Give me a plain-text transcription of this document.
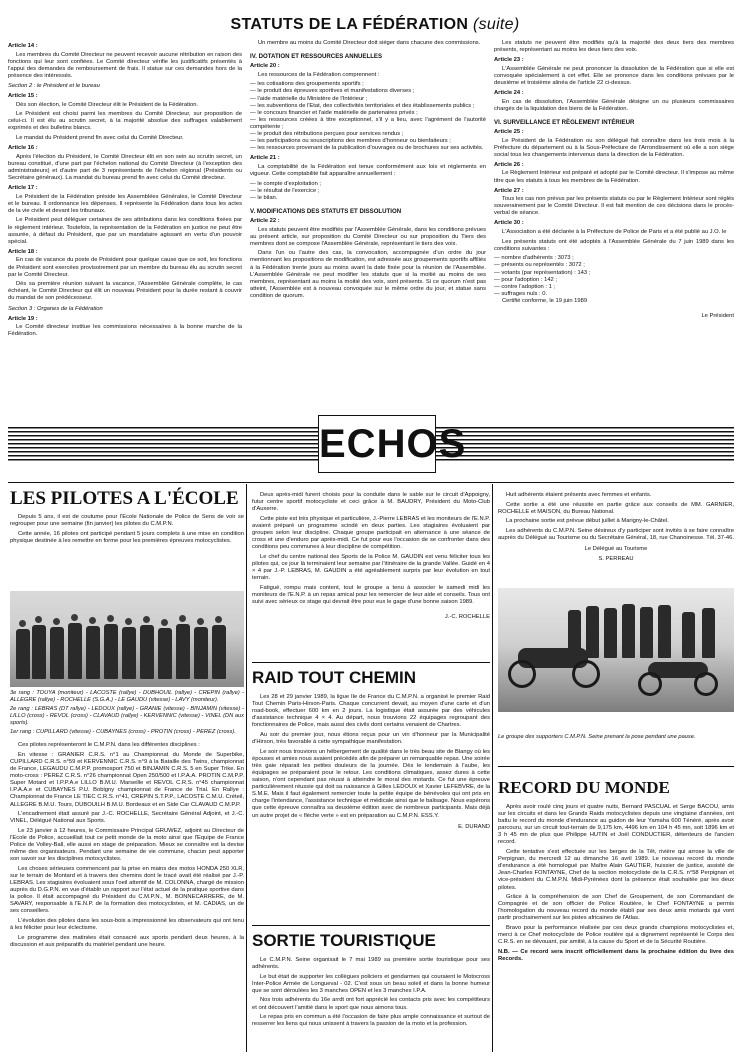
STATUTS DE LA FÉDÉRATION (suite)

Article 14 :

Les membres du Comité Directeur ne peuvent recevoir aucune rétribution en raison des fonctions qui leur sont confiées. Le Comité directeur vérifie les justificatifs présentés à l'appui des demandes de remboursement de frais. Il statue sur ces demandes hors de la présence des intéressés.

Section 2 : le Président et le bureau

Article 15 :

Dès son élection, le Comité Directeur élit le Président de la Fédération.

Le Président est choisi parmi les membres du Comité Directeur, sur proposition de celui-ci. Il est élu au scrutin secret, à la majorité absolue des suffrages valablement exprimés et des bulletins blancs.

Le mandat du Président prend fin avec celui du Comité Directeur.

Article 16 :

Après l'élection du Président, le Comité Directeur élit en son sein au scrutin secret, un bureau constitué, d'une part par l'échelon national du Comité Directeur (à l'exception des administrateurs) et d'autre part de 3 représentants de l'échelon régional (Présidents ou Secrétaire généraux). La mandat du bureau prend fin avec celui du Comité directeur.

Article 17 :

Le Président de la Fédération préside les Assemblées Générales, le Comité Directeur et le bureau. Il ordonnance les dépenses. Il représente la Fédération dans tous les actes de la vie civile et devant les tribunaux.

Le Président peut déléguer certaines de ses attributions dans les conditions fixées par le règlement intérieur. Toutefois, la représentation de la Fédération en justice ne peut être assurée, à défaut du Président, que par un mandataire agissant en vertu d'un pouvoir spécial.

Article 18 :

En cas de vacance du poste de Président pour quelque cause que ce soit, les fonctions de Président sont exercées provisoirement par un membre du bureau élu au scrutin secret par le Comité Directeur.

Dès sa première réunion suivant la vacance, l'Assemblée Générale complète, le cas échéant, le Comité Directeur qui élit un nouveau Président pour la durée restant à couvrir du mandat de son prédécesseur.

Section 3 : Organes de la Fédération

Article 19 :

Le Comité directeur institue les commissions nécessaires à la bonne marche de la Fédération.

Un membre au moins du Comité Directeur doit siéger dans chacune des commissions.

IV. DOTATION ET RESSOURCES ANNUELLES

Article 20 :

Les ressources de la Fédération comprennent :

— les cotisations des groupements sportifs ;

— le produit des épreuves sportives et manifestations diverses ;

— l'aide matérielle du Ministère de l'Intérieur ;

— les subventions de l'Etat, des collectivités territoriales et des établissements publics ;

— le concours financier et l'aide matérielle de partenaires privés ;

— les ressources créées à titre exceptionnel, s'il y a lieu, avec l'agrément de l'autorité compétente ;

— le produit des rétributions perçues pour services rendus ;

— les participations ou souscriptions des membres d'honneur ou bienfaiteurs ;

— les ressources provenant de la publication d'ouvrages ou de brochures sur ses activités.

Article 21 :

La comptabilité de la Fédération est tenue conformément aux lois et règlements en vigueur. Cette comptabilité fait apparaître annuellement :

— le compte d'exploitation ;

— le résultat de l'exercice ;

— le bilan.

V. MODIFICATIONS DES STATUTS ET DISSOLUTION

Article 22 :

Les statuts peuvent être modifiés par l'Assemblée Générale, dans les conditions prévues au présent article, sur proposition du Comité Directeur ou sur proposition du Tiers des membres dont se compose l'Assemblée Générale, représentant le tiers des voix.

Dans l'un ou l'autre des cas, la convocation, accompagnée d'un ordre du jour mentionnant les propositions de modification, est adressée aux groupements sportifs affiliés à la Fédération trente jours au moins avant la date fixée pour la réunion de l'Assemblée. L'Assemblée Générale ne peut modifier les statuts que si la moitié au moins de ses membres, représentant au moins la moitié des voix, sont présents. Si ce quorum n'est pas atteint, l'Assemblée est à nouveau convoquée sur le même ordre du jour, et statue sans condition de quorum.

Les statuts ne peuvent être modifiés qu'à la majorité des deux tiers des membres présents, représentant au moins les deux tiers des voix.

Article 23 :

L'Assemblée Générale ne peut prononcer la dissolution de la Fédération que si elle est convoquée spécialement à cet effet. Elle se prononce dans les conditions prévues par le deuxième et troisième alinéa de l'article 22 ci-dessus.

Article 24 :

En cas de dissolution, l'Assemblée Générale désigne un ou plusieurs commissaires chargés de la liquidation des biens de la Fédération.

VI. SURVEILLANCE ET RÈGLEMENT INTÉRIEUR

Article 25 :

Le Président de la Fédération ou son délégué fait connaître dans les trois mois à la Préfecture du département ou à la Sous-Préfecture de l'Arrondissement où elle a son siège social tous les changements intervenus dans la direction de la Fédération.

Article 26 :

Le Règlement Intérieur est préparé et adopté par le Comité directeur. Il s'impose au même titre que les statuts à tous les membres de la Fédération.

Article 27 :

Tous les cas non prévus par les présents statuts ou par le Règlement Intérieur sont réglés souverainement par le Comité Directeur. Il est fait mention de ces décisions dans le procès-verbal de séance.

Article 30 :

L'Association a été déclarée à la Préfecture de Police de Paris et a été publié au J.O. le

Les présents statuts ont été adoptés à l'Assemblée Générale du 7 juin 1989 dans les conditions suivantes :

— nombre d'adhérents : 3073 ;

— présents ou représentés : 3072 ;

— votants (par représentation) : 143 ;

— pour l'adoption : 142 ;

— contre l'adoption : 1 ;

— suffrages nuls : 0.

Certifié conforme, le 19 juin 1989

Le Président

ECHOS
LES PILOTES A L'ÉCOLE

Depuis 5 ans, il est de coutume pour l'Ecole Nationale de Police de Sens de voir se regrouper pour une semaine (fin janvier) les pilotes du C.M.P.N.

Cette année, 16 pilotes ont participé pendant 5 jours complets à une mise en condition physique destinée à les remettre en forme pour les premières épreuves motocyclistes.

3e rang : TOUYA (moniteur) - LACOSTE (rallye) - DUBHOUIL (rallye) - CREPIN (rallye) - ALLEGRE (rallye) - ROCHELLE (S.G.A.) - LE GAUDU (vitesse) - LAVY (moniteur).

2e rang : LEBRAS (DT rallye) - LEDOUX (rallye) - GRANIE (vitesse) - BINJAMIN (vitesse) - LILLO (cross) - REVOL (cross) - CLAVAUD (rallye) - KERVENNIC (vitesse) - VINEL (DN aux sports).

1er rang : CUPILLARD (vitesse) - CUBAYNES (cross) - PROTIN (cross) - PEREZ (cross).

Ces pilotes représenteront le C.M.P.N. dans les différentes disciplines :

En vitesse : GRANIER C.R.S. n°1 au Championnat du Monde de Superbike, CUPILLARD C.R.S. n°59 et KERVENNIC C.R.S. n°9 à la Bataille des Twins, championnat de France, LEGAUDU C.M.P.P. promosport 750 et BINJAMIN C.R.S. 5 en Super Trike. En moto-cross : PEREZ C.R.S. n°26 championnat Open 250/500 et I.P.A.A. PROTIN C.M.P.P. Super Motard et I.P.P.A.e LILLO B.M.U. Marseille et REVOL C.R.S. n°45 championnat I.P.A.A.e et CUBAYNES P.U. Bobigny championnat de France de Trial. En Rallye : Championnat de France LE TIEC C.R.S. n°41, CREPIN S.T.P.P., LACOSTE C.M.U. Créteil, ALLEGRE B.M.U. Tours, DUBOUILH B.M.U. Bordeaux et en Side Car CLAVAUD C.M.P.P.

L'encadrement était assuré par J.-C. ROCHELLE, Secrétaire Général Adjoint, et J.-C. VINEL, Délégué National aux Sports.

Le 23 janvier à 12 heures, le Commissaire Principal GRUWEZ, adjoint au Directeur de l'Ecole de Police, accueillait tout ce petit monde de la moto ainsi que l'Equipe de France Police de Volley-Ball, elle aussi en stage de préparation. Mieux se connaître est la devise même des organisateurs. Pendant une semaine de vie commune, chacun peut apporter son savoir sur les disciplines motocyclistes.

Les choses sérieuses commencent par la prise en mains des motos HONDA 250 XLR, sur le terrain de Montard et à travers des chemins dont le tracé avait été réalisé par J.-P. LEBRAS. Les stagiaires évoluaient sous l'oeil attentif de M. COLONNA, chargé de mission auprès du D.G.P.N. en vue d'établir un rapport sur l'état actuel de la pratique sportive dans la police. Il était accompagné du Président du C.M.P.N., M. BONNECARRERE, de M. SAVARY, responsable à l'E.N.P. de la formation des motocyclistes, et M. CADIAS, un de ses conseillers.

L'évolution des pilotes dans les sous-bois a impressionné les observateurs qui ont tenu à les féliciter pour leur éclectisme.

Le programme des matinées était consacré aux sports pendant deux heures, à la discussion et aux préparatifs du matériel pendant une heure.

Deux après-midi furent choisis pour la conduite dans le sable sur le circuit d'Appoigny, futur centre sportif motocycliste et ceci grâce à M. BAUDRY, Président du Moto-Club d'Auxerre.

Cette piste est très physique et particulière, J.-Pierre LEBRAS et les moniteurs de l'E.N.P. avaient préparé un programme scindé en deux parties. Les stagiaires évoluaient par groupes selon leur discipline. Chaque groupe participait en alternance à une séance de cross et une d'enduro par après-midi. Ce fut pour eux l'occasion de se confronter dans des conditions peu communes à leur discipline de compétition.

Le chef du centre national des Sports de la Police M. GAUDIN est venu féliciter tous les pilotes qui, ce jour là terminaient leur semaine par l'itinéraire de la grande Vallée. Guidé en 4 × 4 par J.-P. LEBRAS, M. GAUDIN a été agréablement surpris par leur évolution en tout terrain.

Fatigué, rompu mais content, tout le groupe a tenu à associer le samedi midi les moniteurs de l'E.N.P. à un repas amical pour les remercier de leur aide et conseils. Tous ont suivi avec sérieux ce stage qui devrait être pour eux le gage d'une bonne saison 1989.

J.-C. ROCHELLE

RAID TOUT CHEMIN

Les 28 et 29 janvier 1989, la ligue Ile de France du C.M.P.N. a organisé le premier Raid Tout Chemin Paris-Hirson-Paris. Chaque concurrent devait, au moyen d'une carte et d'un road-book, effectuer 600 km en 2 jours. La logistique était assurée par des véhicules d'assistance technique 4 × 4. Au départ, nous trouvions 22 équipages regroupant des fonctionnaires de Police, mais aussi des civils dont certains venaient de Chartres.

Au soir du premier jour, nous étions reçus pour un vin d'honneur par la Municipalité d'Hirson, très favorable à cette sympathique manifestation.

Le soir nous trouvions un hébergement de qualité dans le très beau site de Blangy où les épouses et amies nous avaient précédés afin de préparer un remarquable repas. Une soirée très gaie réparait les petites douleurs de la journée. Dès le lendemain à l'aube, les équipages se préparaient pour le retour. Les conditions climatiques, assez dures à cette saison, n'ont cependant pas réussi à atteindre le moral des motards. Ce fut une épreuve particulièrement réussie qui doit sa naissance à Gilles LEDOUX et Xavier LEFEBVRE, de la S.M.E. Mais il faut également remercier toute la petite équipe de bénévoles qui ont pris en charge l'intendance, l'assistance technique et médicale ainsi que le balisage. Nous espérons que cette épreuve connaîtra sa deuxième édition avec de nombreux participants. Mais déjà un autre projet de « flèche verte » est en préparation au C.M.P.N. ESS.Y.

E. DURAND

SORTIE TOURISTIQUE

Le C.M.P.N. Seine organisait le 7 mai 1989 sa première sortie touristique pour ses adhérents.

Le but était de supporter les collègues policiers et gendarmes qui couraient le Motocross Inter-Police Armée de Longueval - 02. C'est sous un beau soleil et dans la bonne humeur que se sont déroulées les 3 manches OPEN et les 3 manches I.P.A.

Nos trois adhérents du 16e arrdt ont fort apprécié les contacts pris avec les compétiteurs et ont découvert l'amitié dans le sport que nous aimons tous.

Le repas pris en commun a été l'occasion de faire plus ample connaissance et surtout de resserrer les liens qui nous unissent à travers la passion de la moto et la profession.

Huit adhérents étaient présents avec femmes et enfants.

Cette sortie a été une réussite en partie grâce aux conseils de MM. GARNIER, ROCHELLE et MAISON, du Bureau National.

La prochaine sortie est prévue début juillet à Marigny-le-Châtel.

Les adhérents du C.M.P.N. Seine désireux d'y participer sont invités à se faire connaître auprès du Délégué au Tourisme ou du Secrétaire Général, 18, rue Chanoinesse. Tél. 37-46.

Le Délégué au Tourisme

S. PERREAU

Le groupe des supporters C.M.P.N. Seine prenant la pose pendant une pause.

RECORD DU MONDE

Après avoir roulé cinq jours et quatre nuits, Bernard PASCUAL et Serge BACOU, amis sur les circuits et dans les Grands Raids motocyclistes depuis une vingtaine d'années, ont battu le record du monde d'endurance au guidon de leur Yamaha 600 Ténéré, après avoir parcouru, sur un circuit tout-terrain de 9,175 km, 4496 km en 104 h 45 mn, soit 1896 km et 3 h 45 mn de plus que Philippe HUTIN et Joël CONDUCTIER, détenteurs de l'ancien record.

Cette tentative s'est effectuée sur les berges de la Têt, rivière qui arrose la ville de Perpignan, du mercredi 12 au dimanche 16 avril 1989. Le nouveau record du monde d'endurance a été homologué par Maître Alain GAUTIER, huissier de justice, assisté de Jean-Charles FONTAYNE, Chef de la section motocycliste de la C.R.S. n°58 Perpignan et vice-président du C.M.P.N. Midi-Pyrénées dont la présence était souhaitée par les deux pilotes.

Grâce à la compréhension de son Chef de Groupement, de son Commandant de Compagnie et de son officier de Police Routière, le Chef FONTAYNE a permis l'homologation du nouveau record du monde établi par ses deux amis motards qui vont partir prochainement sur les pistes africaines de l'Atlas.

Bravo pour la performance réalisée par ces deux grands champions motocyclistes et, merci à ce Chef motocycliste de Police routière qui a dignement représenté le Corps des C.R.S. en se dévouant, par amitié, à la cause du Sport et de la Sécurité Routière.

N.B. — Ce record sera inscrit officiellement dans la prochaine édition du livre des Records.
